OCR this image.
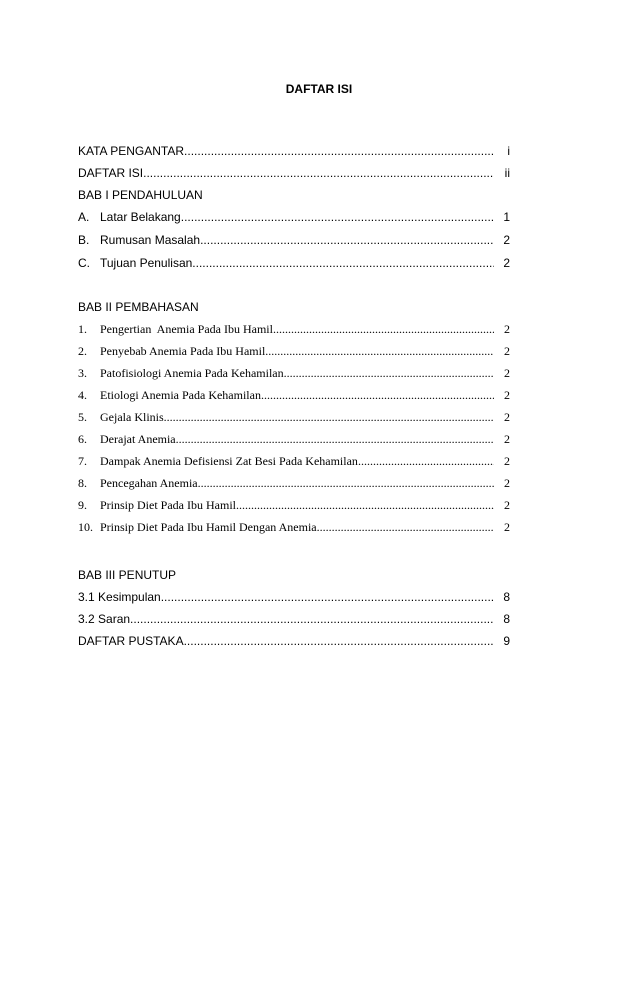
DAFTAR ISI
KATA PENGANTAR .....	i
DAFTAR ISI .....	ii
BAB I PENDAHULUAN
A. Latar Belakang .....	1
B. Rumusan Masalah .....	2
C. Tujuan Penulisan .....	2
BAB II PEMBAHASAN
1.	Pengertian  Anemia Pada Ibu Hamil .....	2
2.	Penyebab Anemia Pada Ibu Hamil .....	2
3.	Patofisiologi Anemia Pada Kehamilan .....	2
4.	Etiologi Anemia Pada Kehamilan .....	2
5.	Gejala Klinis .....	2
6.	Derajat Anemia .....	2
7.	Dampak Anemia Defisiensi Zat Besi Pada Kehamilan .....	2
8.	Pencegahan Anemia .....	2
9.	Prinsip Diet Pada Ibu Hamil .....	2
10. Prinsip Diet Pada Ibu Hamil Dengan Anemia .....	2
BAB III PENUTUP
3.1 Kesimpulan .....	8
3.2 Saran .....	8
DAFTAR PUSTAKA .....	9
